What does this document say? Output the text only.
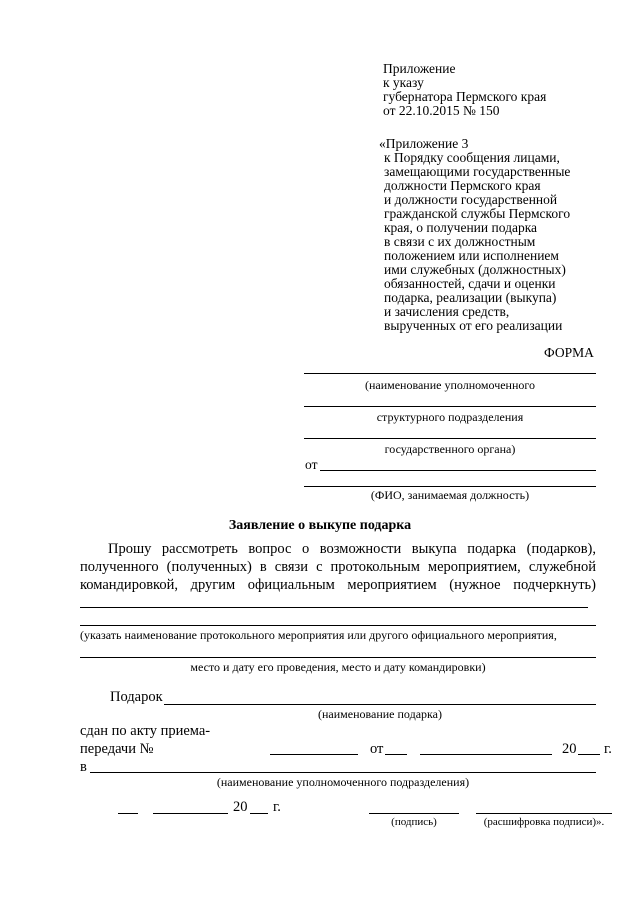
Приложение
к указу
губернатора Пермского края
от 22.10.2015 № 150
«Приложение 3
к Порядку сообщения лицами,
замещающими государственные
должности Пермского края
и должности государственной
гражданской службы Пермского
края, о получении подарка
в связи с их должностным
положением или исполнением
ими служебных (должностных)
обязанностей, сдачи и оценки
подарка, реализации (выкупа)
и зачисления средств,
вырученных от его реализации
ФОРМА
(наименование уполномоченного
структурного подразделения
государственного органа)
от
(ФИО, занимаемая должность)
Заявление о выкупе подарка
Прошу рассмотреть вопрос о возможности выкупа подарка (подарков),
полученного (полученных) в связи с протокольным мероприятием, служебной
командировкой, другим официальным мероприятием (нужное подчеркнуть)
(указать наименование протокольного мероприятия или другого официального мероприятия,
место и дату его проведения, место и дату командировки)
Подарок
(наименование подарка)
сдан по акту приема-
передачи №	от	20 г.
в
(наименование уполномоченного подразделения)
20 г.
(подпись)	(расшифровка подписи)».
